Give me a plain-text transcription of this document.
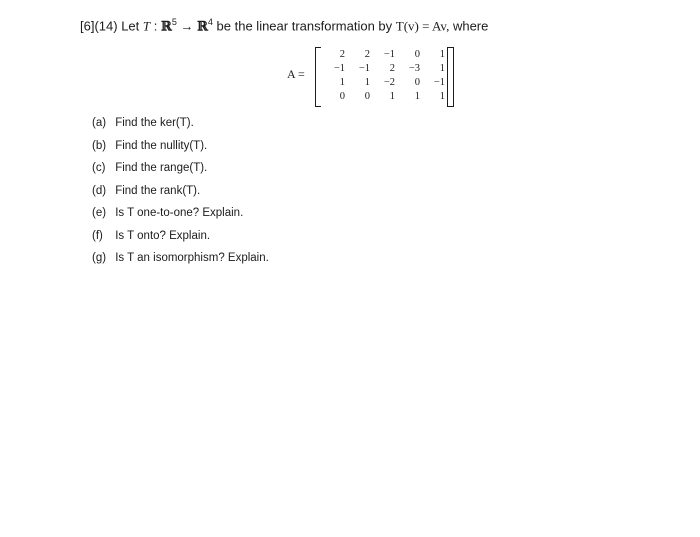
[6](14) Let T : ℝ$^5$ → ℝ$^4$ be the linear transformation by T(v) = Av, where
A =
2	2	−1	0	1
−1	−1	2	−3	1
1	1	−2	0	−1
0	0	1	1	1
(a) Find the ker(T).
(b) Find the nullity(T).
(c) Find the range(T).
(d) Find the rank(T).
(e) Is T one-to-one? Explain.
(f) Is T onto? Explain.
(g) Is T an isomorphism? Explain.
